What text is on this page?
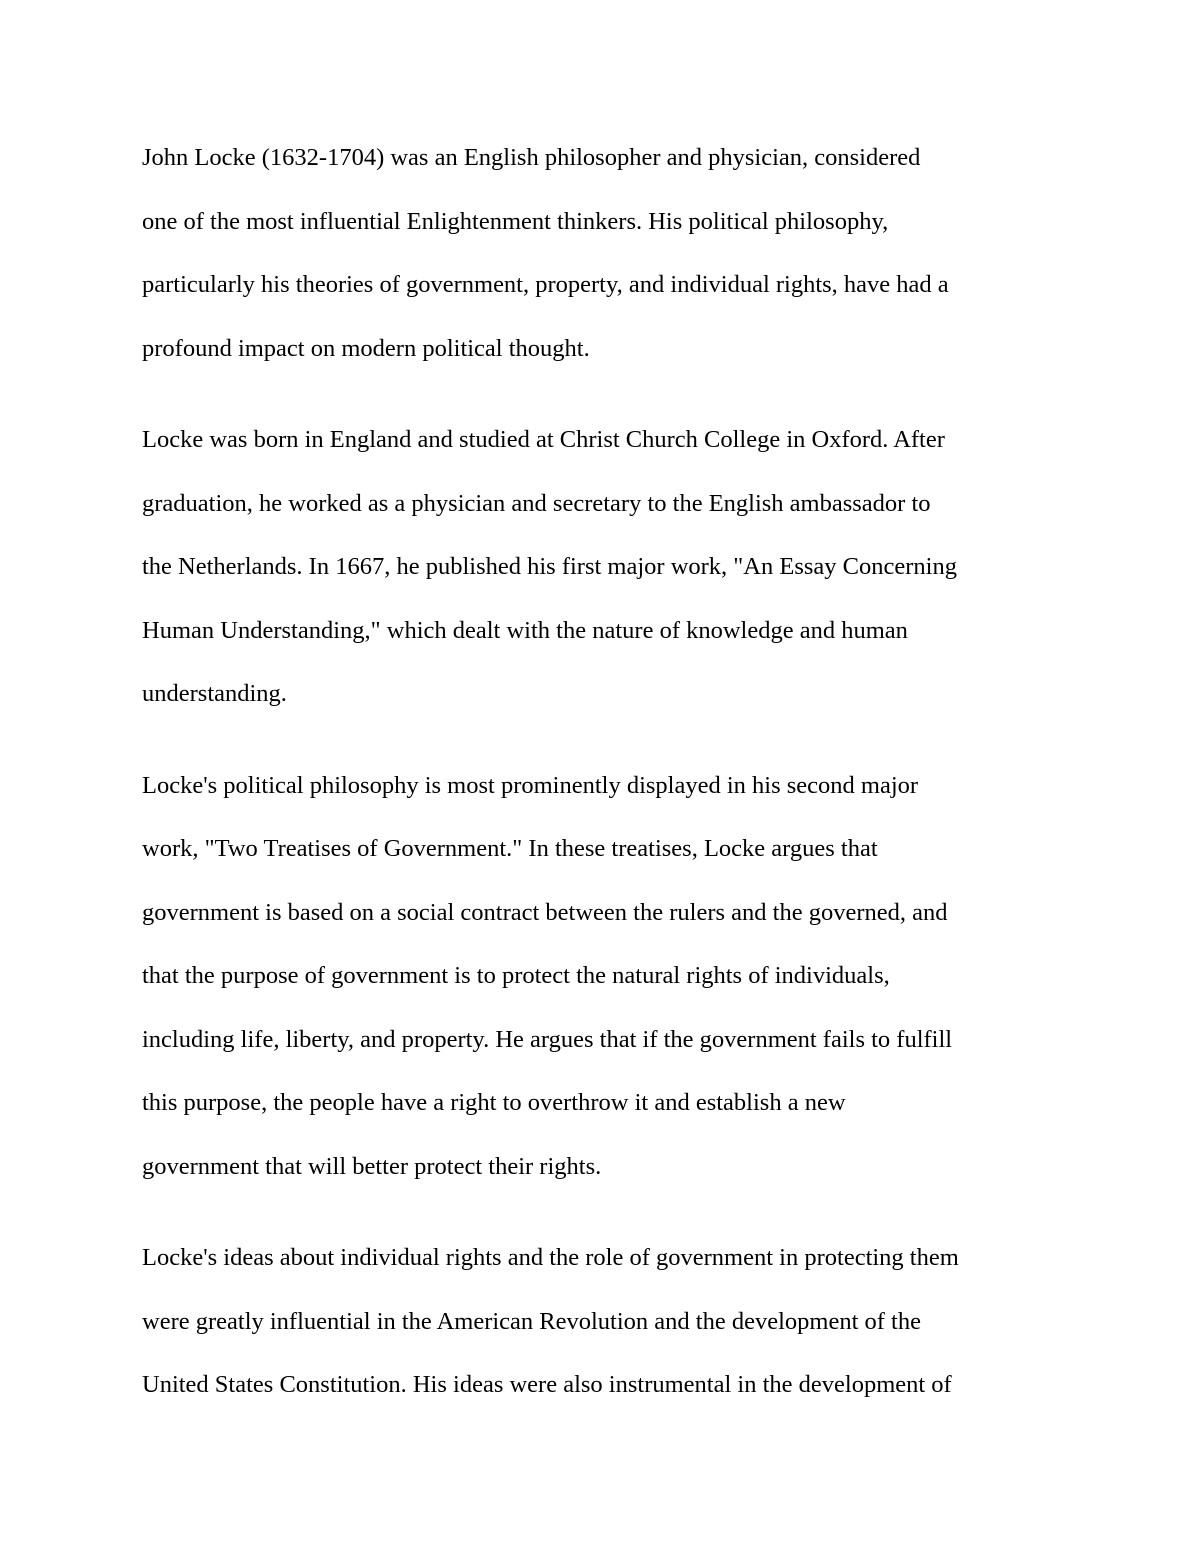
John Locke (1632-1704) was an English philosopher and physician, considered
one of the most influential Enlightenment thinkers. His political philosophy,
particularly his theories of government, property, and individual rights, have had a
profound impact on modern political thought.

Locke was born in England and studied at Christ Church College in Oxford. After
graduation, he worked as a physician and secretary to the English ambassador to
the Netherlands. In 1667, he published his first major work, "An Essay Concerning
Human Understanding," which dealt with the nature of knowledge and human
understanding.

Locke's political philosophy is most prominently displayed in his second major
work, "Two Treatises of Government." In these treatises, Locke argues that
government is based on a social contract between the rulers and the governed, and
that the purpose of government is to protect the natural rights of individuals,
including life, liberty, and property. He argues that if the government fails to fulfill
this purpose, the people have a right to overthrow it and establish a new
government that will better protect their rights.

Locke's ideas about individual rights and the role of government in protecting them
were greatly influential in the American Revolution and the development of the
United States Constitution. His ideas were also instrumental in the development of
